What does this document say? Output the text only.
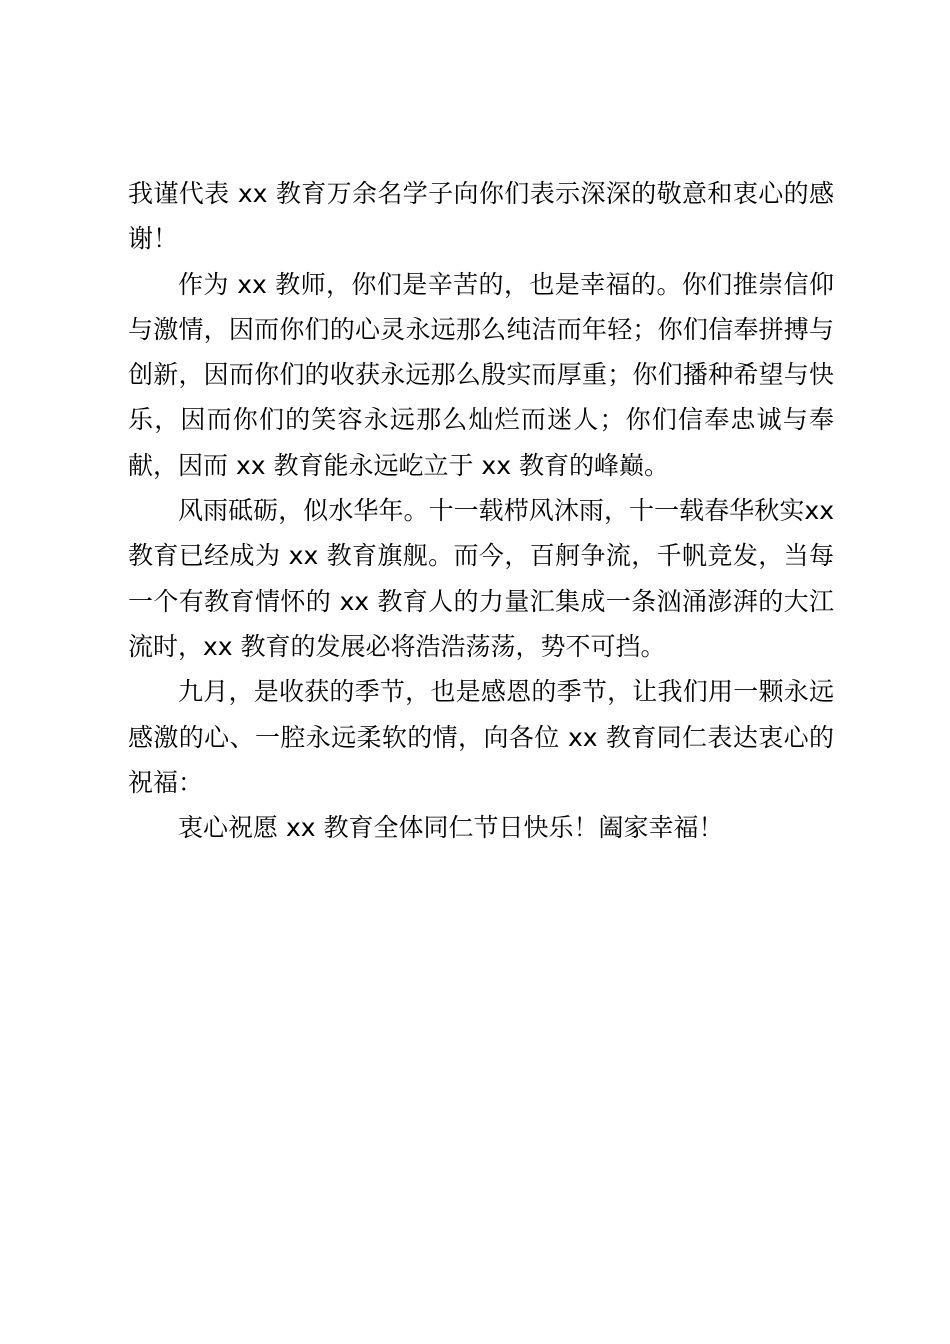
我谨代表 xx 教育万余名学子向你们表示深深的敬意和衷心的感谢！

作为 xx 教师，你们是辛苦的，也是幸福的。你们推崇信仰与激情，因而你们的心灵永远那么纯洁而年轻；你们信奉拼搏与创新，因而你们的收获永远那么殷实而厚重；你们播种希望与快乐，因而你们的笑容永远那么灿烂而迷人；你们信奉忠诚与奉献，因而 xx 教育能永远屹立于 xx 教育的峰巅。

风雨砥砺，似水华年。十一载栉风沐雨，十一载春华秋实xx 教育已经成为 xx 教育旗舰。而今，百舸争流，千帆竞发，当每一个有教育情怀的 xx 教育人的力量汇集成一条汹涌澎湃的大江流时，xx 教育的发展必将浩浩荡荡，势不可挡。

九月，是收获的季节，也是感恩的季节，让我们用一颗永远感激的心、一腔永远柔软的情，向各位 xx 教育同仁表达衷心的祝福：

衷心祝愿 xx 教育全体同仁节日快乐！阖家幸福！
